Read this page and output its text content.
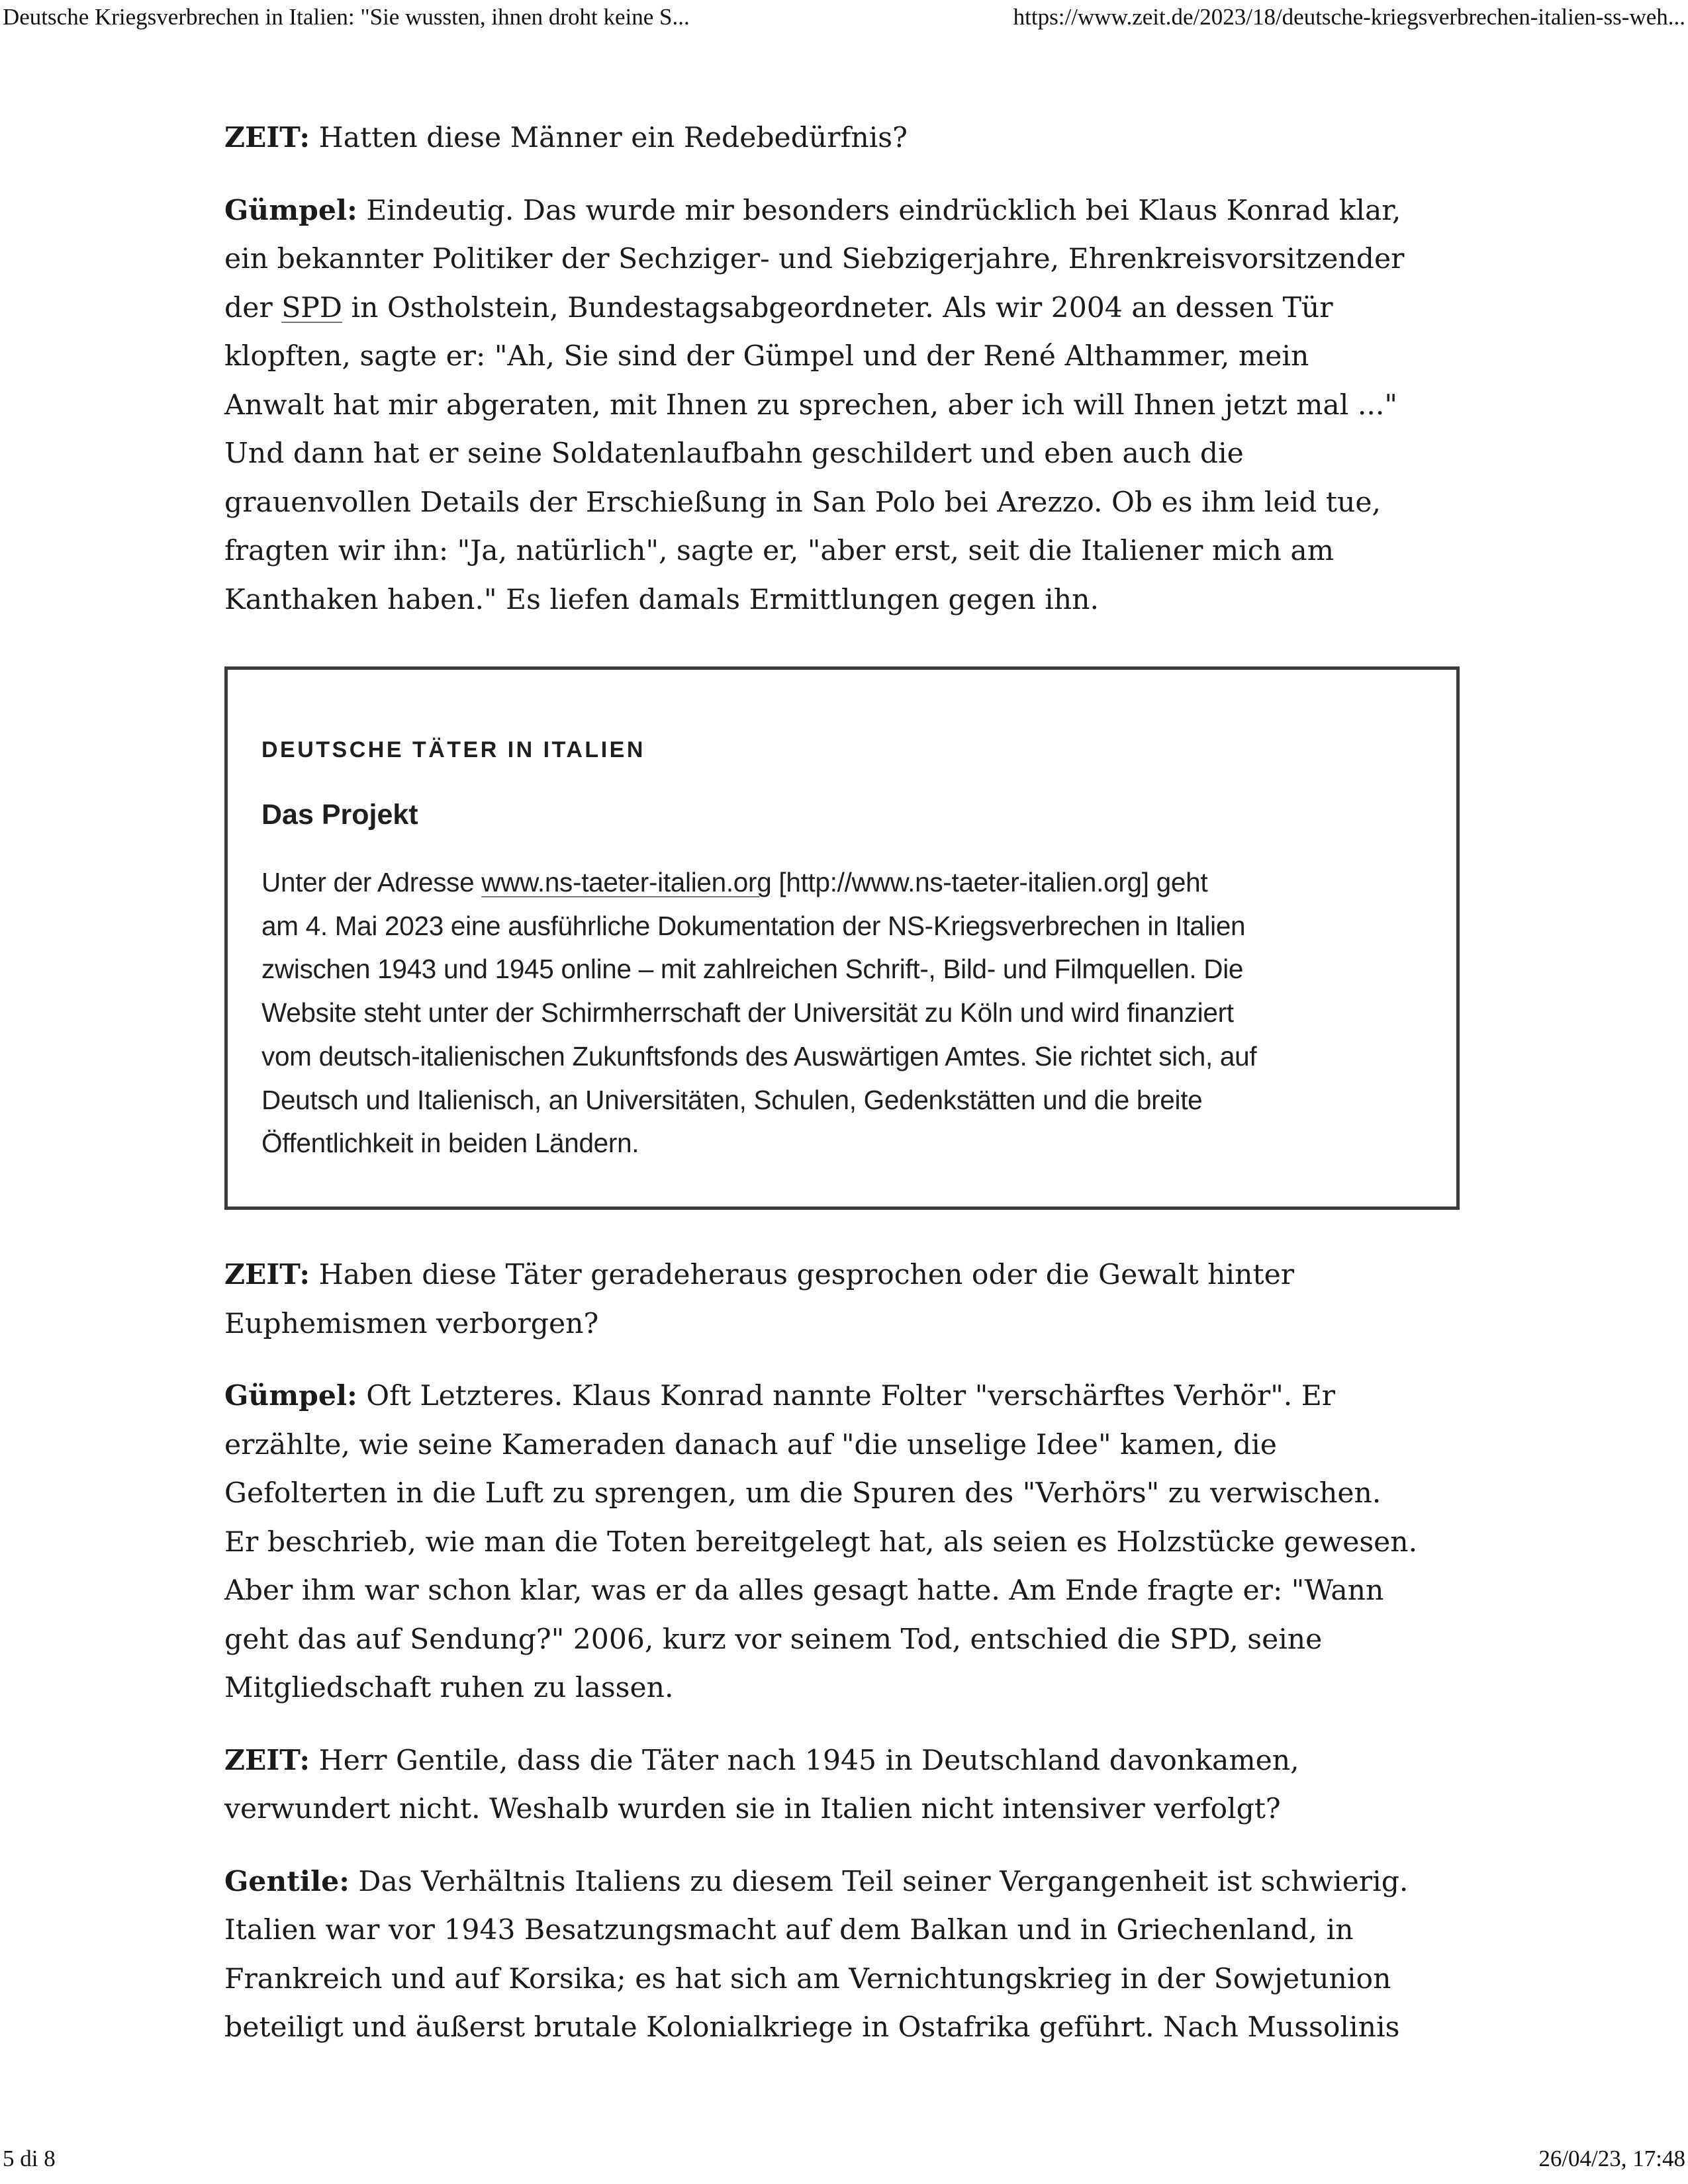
Deutsche Kriegsverbrechen in Italien: "Sie wussten, ihnen droht keine S...	https://www.zeit.de/2023/18/deutsche-kriegsverbrechen-italien-ss-weh...

ZEIT: Hatten diese Männer ein Redebedürfnis?

Gümpel: Eindeutig. Das wurde mir besonders eindrücklich bei Klaus Konrad klar,
ein bekannter Politiker der Sechziger- und Siebzigerjahre, Ehrenkreisvorsitzender
der SPD in Ostholstein, Bundestagsabgeordneter. Als wir 2004 an dessen Tür
klopften, sagte er: "Ah, Sie sind der Gümpel und der René Althammer, mein
Anwalt hat mir abgeraten, mit Ihnen zu sprechen, aber ich will Ihnen jetzt mal ..."
Und dann hat er seine Soldatenlaufbahn geschildert und eben auch die
grauenvollen Details der Erschießung in San Polo bei Arezzo. Ob es ihm leid tue,
fragten wir ihn: "Ja, natürlich", sagte er, "aber erst, seit die Italiener mich am
Kanthaken haben." Es liefen damals Ermittlungen gegen ihn.

DEUTSCHE TÄTER IN ITALIEN
Das Projekt

Unter der Adresse www.ns-taeter-italien.org [http://www.ns-taeter-italien.org] geht
am 4. Mai 2023 eine ausführliche Dokumentation der NS-Kriegsverbrechen in Italien
zwischen 1943 und 1945 online – mit zahlreichen Schrift-, Bild- und Filmquellen. Die
Website steht unter der Schirmherrschaft der Universität zu Köln und wird finanziert
vom deutsch-italienischen Zukunftsfonds des Auswärtigen Amtes. Sie richtet sich, auf
Deutsch und Italienisch, an Universitäten, Schulen, Gedenkstätten und die breite
Öffentlichkeit in beiden Ländern.

ZEIT: Haben diese Täter geradeheraus gesprochen oder die Gewalt hinter
Euphemismen verborgen?

Gümpel: Oft Letzteres. Klaus Konrad nannte Folter "verschärftes Verhör". Er
erzählte, wie seine Kameraden danach auf "die unselige Idee" kamen, die
Gefolterten in die Luft zu sprengen, um die Spuren des "Verhörs" zu verwischen.
Er beschrieb, wie man die Toten bereitgelegt hat, als seien es Holzstücke gewesen.
Aber ihm war schon klar, was er da alles gesagt hatte. Am Ende fragte er: "Wann
geht das auf Sendung?" 2006, kurz vor seinem Tod, entschied die SPD, seine
Mitgliedschaft ruhen zu lassen.

ZEIT: Herr Gentile, dass die Täter nach 1945 in Deutschland davonkamen,
verwundert nicht. Weshalb wurden sie in Italien nicht intensiver verfolgt?

Gentile: Das Verhältnis Italiens zu diesem Teil seiner Vergangenheit ist schwierig.
Italien war vor 1943 Besatzungsmacht auf dem Balkan und in Griechenland, in
Frankreich und auf Korsika; es hat sich am Vernichtungskrieg in der Sowjetunion
beteiligt und äußerst brutale Kolonialkriege in Ostafrika geführt. Nach Mussolinis

5 di 8	26/04/23, 17:48
